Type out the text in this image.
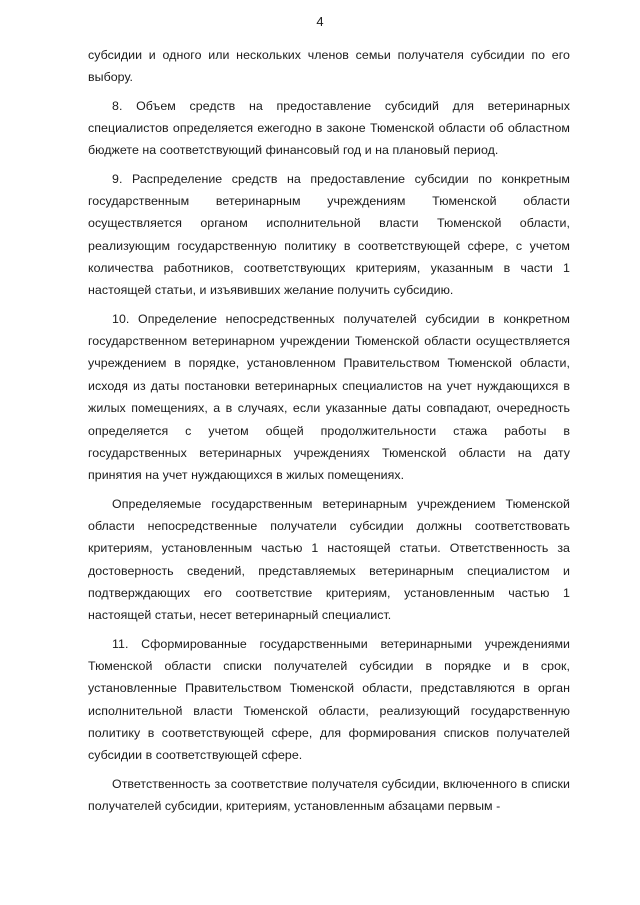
4

субсидии и одного или нескольких членов семьи получателя субсидии по его выбору.

8. Объем средств на предоставление субсидий для ветеринарных специалистов определяется ежегодно в законе Тюменской области об областном бюджете на соответствующий финансовый год и на плановый период.

9. Распределение средств на предоставление субсидии по конкретным государственным ветеринарным учреждениям Тюменской области осуществляется органом исполнительной власти Тюменской области, реализующим государственную политику в соответствующей сфере, с учетом количества работников, соответствующих критериям, указанным в части 1 настоящей статьи, и изъявивших желание получить субсидию.

10. Определение непосредственных получателей субсидии в конкретном государственном ветеринарном учреждении Тюменской области осуществляется учреждением в порядке, установленном Правительством Тюменской области, исходя из даты постановки ветеринарных специалистов на учет нуждающихся в жилых помещениях, а в случаях, если указанные даты совпадают, очередность определяется с учетом общей продолжительности стажа работы в государственных ветеринарных учреждениях Тюменской области на дату принятия на учет нуждающихся в жилых помещениях.

Определяемые государственным ветеринарным учреждением Тюменской области непосредственные получатели субсидии должны соответствовать критериям, установленным частью 1 настоящей статьи. Ответственность за достоверность сведений, представляемых ветеринарным специалистом и подтверждающих его соответствие критериям, установленным частью 1 настоящей статьи, несет ветеринарный специалист.

11. Сформированные государственными ветеринарными учреждениями Тюменской области списки получателей субсидии в порядке и в срок, установленные Правительством Тюменской области, представляются в орган исполнительной власти Тюменской области, реализующий государственную политику в соответствующей сфере, для формирования списков получателей субсидии в соответствующей сфере.

Ответственность за соответствие получателя субсидии, включенного в списки получателей субсидии, критериям, установленным абзацами первым -
